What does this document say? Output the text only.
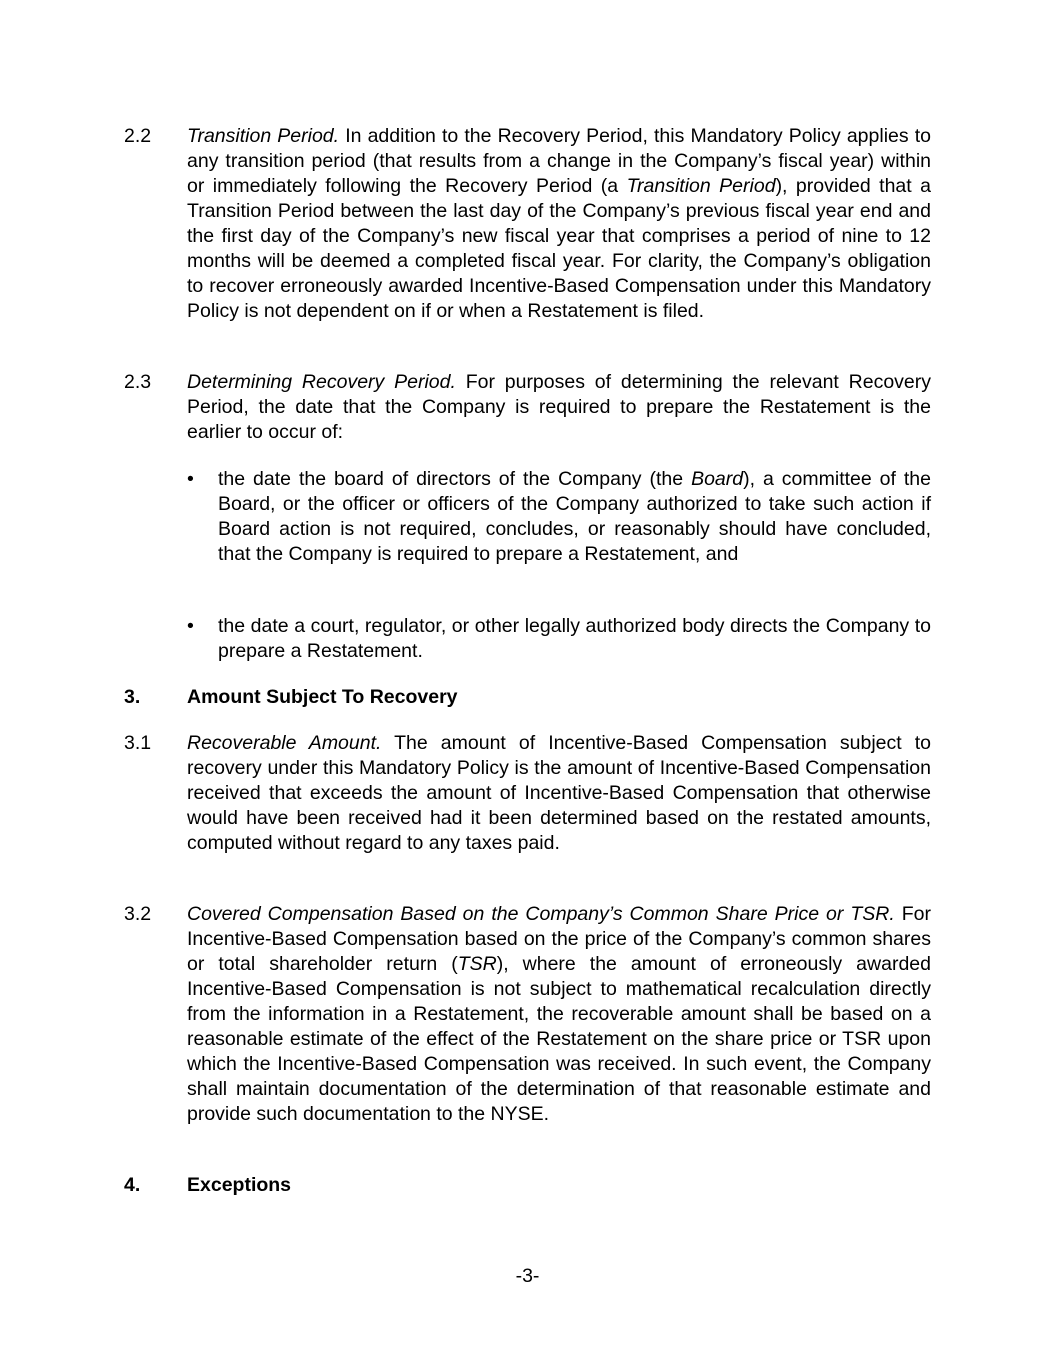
2.2	Transition Period. In addition to the Recovery Period, this Mandatory Policy applies to any transition period (that results from a change in the Company’s fiscal year) within or immediately following the Recovery Period (a Transition Period), provided that a Transition Period between the last day of the Company’s previous fiscal year end and the first day of the Company’s new fiscal year that comprises a period of nine to 12 months will be deemed a completed fiscal year. For clarity, the Company’s obligation to recover erroneously awarded Incentive-Based Compensation under this Mandatory Policy is not dependent on if or when a Restatement is filed.
2.3	Determining Recovery Period. For purposes of determining the relevant Recovery Period, the date that the Company is required to prepare the Restatement is the earlier to occur of:
•	the date the board of directors of the Company (the Board), a committee of the Board, or the officer or officers of the Company authorized to take such action if Board action is not required, concludes, or reasonably should have concluded, that the Company is required to prepare a Restatement, and
•	the date a court, regulator, or other legally authorized body directs the Company to prepare a Restatement.
3.	Amount Subject To Recovery
3.1	Recoverable Amount. The amount of Incentive-Based Compensation subject to recovery under this Mandatory Policy is the amount of Incentive-Based Compensation received that exceeds the amount of Incentive-Based Compensation that otherwise would have been received had it been determined based on the restated amounts, computed without regard to any taxes paid.
3.2	Covered Compensation Based on the Company’s Common Share Price or TSR. For Incentive-Based Compensation based on the price of the Company’s common shares or total shareholder return (TSR), where the amount of erroneously awarded Incentive-Based Compensation is not subject to mathematical recalculation directly from the information in a Restatement, the recoverable amount shall be based on a reasonable estimate of the effect of the Restatement on the share price or TSR upon which the Incentive-Based Compensation was received. In such event, the Company shall maintain documentation of the determination of that reasonable estimate and provide such documentation to the NYSE.
4.	Exceptions
-3-
